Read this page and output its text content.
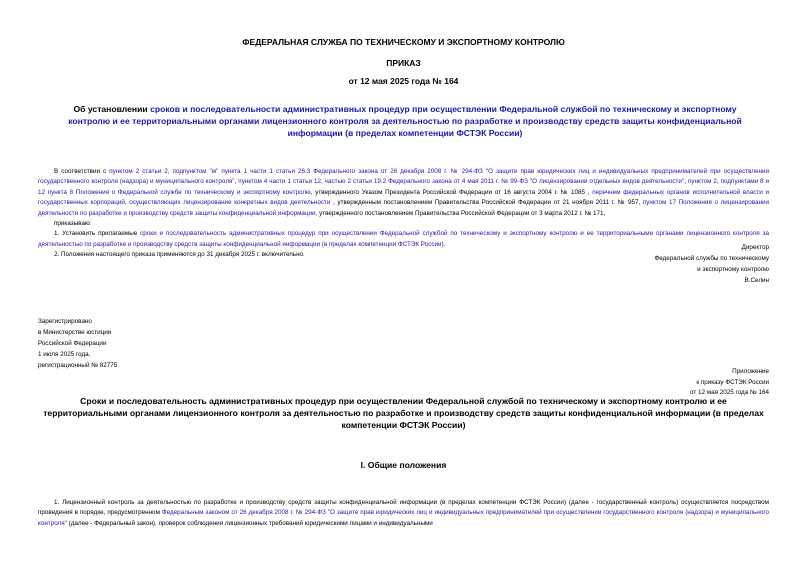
ФЕДЕРАЛЬНАЯ СЛУЖБА ПО ТЕХНИЧЕСКОМУ И ЭКСПОРТНОМУ КОНТРОЛЮ
ПРИКАЗ
от 12 мая 2025 года № 164
Об установлении сроков и последовательности административных процедур при осуществлении Федеральной службой по техническому и экспортному контролю и ее территориальными органами лицензионного контроля за деятельностью по разработке и производству средств защиты конфиденциальной информации (в пределах компетенции ФСТЭК России)

В соответствии с пунктом 2 статьи 2, подпунктом "м" пункта 1 части 1 статьи 26.3 Федерального закона от 26 декабря 2008 г. № 294-ФЗ "О защите прав юридических лиц и индивидуальных предпринимателей при осуществлении государственного контроля (надзора) и муниципального контроля", пунктом 4 части 1 статьи 12, частью 2 статьи 19.2 Федерального закона от 4 мая 2011 г. № 99-ФЗ "О лицензировании отдельных видов деятельности", пунктом 2, подпунктами 8 и 12 пункта 8 Положения о Федеральной службе по техническому и экспортному контролю, утвержденного Указом Президента Российской Федерации от 16 августа 2004 г. № 1085 , перечнем федеральных органов исполнительной власти и государственных корпораций, осуществляющих лицензирование конкретных видов деятельности , утвержденным постановлением Правительства Российской Федерации от 21 ноября 2011 г. № 957, пунктом 17 Положения о лицензировании деятельности по разработке и производству средств защиты конфиденциальной информации, утвержденного постановлением Правительства Российской Федерации от 3 марта 2012 г. № 171,

приказываю:

1. Установить прилагаемые сроки и последовательность административных процедур при осуществлении Федеральной службой по техническому и экспортному контролю и ее территориальными органами лицензионного контроля за деятельностью по разработке и производству средств защиты конфиденциальной информации (в пределах компетенции ФСТЭК России).

2. Положения настоящего приказа применяются до 31 декабря 2025 г. включительно.

Директор
Федеральной службы по техническому
и экспортному контролю
В.Селин
Зарегистрировано
в Министерстве юстиции
Российской Федерации
1 июля 2025 года,
регистрационный № 82775
Приложение
к приказу ФСТЭК России
от 12 мая 2025 года № 164
Сроки и последовательность административных процедур при осуществлении Федеральной службой по техническому и экспортному контролю и ее территориальными органами лицензионного контроля за деятельностью по разработке и производству средств защиты конфиденциальной информации (в пределах компетенции ФСТЭК России)
I. Общие положения

1. Лицензионный контроль за деятельностью по разработке и производству средств защиты конфиденциальной информации (в пределах компетенции ФСТЭК России) (далее - государственный контроль) осуществляется посредством проведения в порядке, предусмотренном Федеральным законом от 26 декабря 2008 г. № 294-ФЗ "О защите прав юридических лиц и индивидуальных предпринимателей при осуществлении государственного контроля (надзора) и муниципального контроля" (далее - Федеральный закон), проверок соблюдения лицензионных требований юридическими лицами и индивидуальными
